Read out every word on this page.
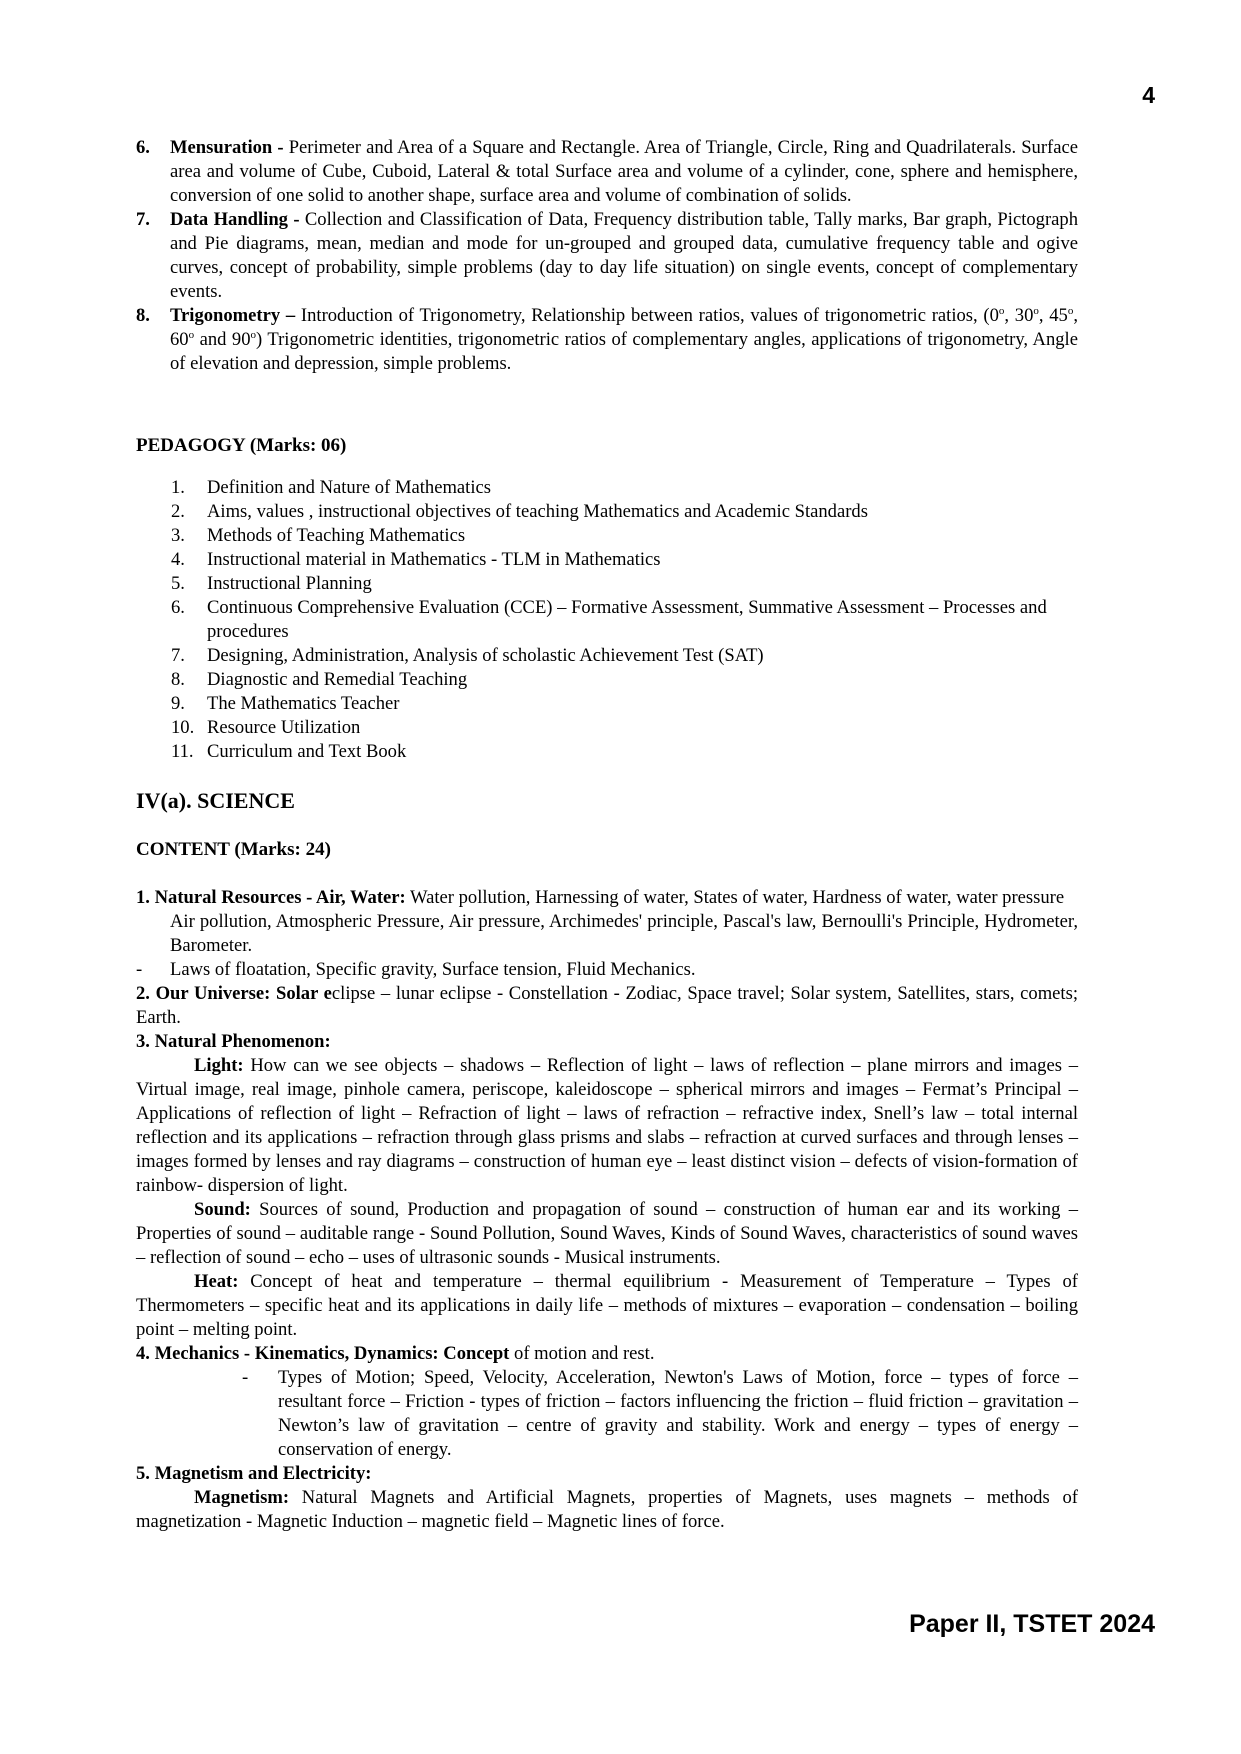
4
6.	Mensuration - Perimeter and Area of a Square and Rectangle. Area of Triangle, Circle, Ring and Quadrilaterals. Surface area and volume of Cube, Cuboid, Lateral & total Surface area and volume of a cylinder, cone, sphere and hemisphere, conversion of one solid to another shape, surface area and volume of combination of solids.

7.	Data Handling - Collection and Classification of Data, Frequency distribution table, Tally marks, Bar graph, Pictograph and Pie diagrams, mean, median and mode for un-grouped and grouped data, cumulative frequency table and ogive curves, concept of probability, simple problems (day to day life situation) on single events, concept of complementary events.

8.	Trigonometry – Introduction of Trigonometry, Relationship between ratios, values of trigonometric ratios, (0$^o$, 30$^o$, 45$^o$, 60$^o$ and 90$^o$) Trigonometric identities, trigonometric ratios of complementary angles, applications of trigonometry, Angle of elevation and depression, simple problems.

PEDAGOGY (Marks: 06)
1.	Definition and Nature of Mathematics
2.	Aims, values , instructional objectives of teaching Mathematics and Academic Standards
3.	Methods of Teaching Mathematics
4.	Instructional material in Mathematics - TLM in Mathematics
5.	Instructional Planning
6.	Continuous Comprehensive Evaluation (CCE) – Formative Assessment, Summative Assessment – Processes and procedures
7.	Designing, Administration, Analysis of scholastic Achievement Test (SAT)
8.	Diagnostic and Remedial Teaching
9.	The Mathematics Teacher
10. Resource Utilization
11. Curriculum and Text Book
IV(a). SCIENCE
CONTENT (Marks: 24)

1. Natural Resources - Air, Water: Water pollution, Harnessing of water, States of water, Hardness of water, water pressure

Air pollution, Atmospheric Pressure, Air pressure, Archimedes' principle, Pascal's law, Bernoulli's Principle, Hydrometer, Barometer.

-	Laws of floatation, Specific gravity, Surface tension, Fluid Mechanics.

2. Our Universe: Solar eclipse – lunar eclipse - Constellation - Zodiac, Space travel; Solar system, Satellites, stars, comets; Earth.

3. Natural Phenomenon:

Light: How can we see objects – shadows – Reflection of light – laws of reflection – plane mirrors and images – Virtual image, real image, pinhole camera, periscope, kaleidoscope – spherical mirrors and images – Fermat’s Principal – Applications of reflection of light – Refraction of light – laws of refraction – refractive index, Snell’s law – total internal reflection and its applications – refraction through glass prisms and slabs – refraction at curved surfaces and through lenses – images formed by lenses and ray diagrams – construction of human eye – least distinct vision – defects of vision-formation of rainbow- dispersion of light.

Sound: Sources of sound, Production and propagation of sound – construction of human ear and its working – Properties of sound – auditable range - Sound Pollution, Sound Waves, Kinds of Sound Waves, characteristics of sound waves – reflection of sound – echo – uses of ultrasonic sounds - Musical instruments.

Heat: Concept of heat and temperature – thermal equilibrium - Measurement of Temperature – Types of Thermometers – specific heat and its applications in daily life – methods of mixtures – evaporation – condensation – boiling point – melting point.

4. Mechanics - Kinematics, Dynamics: Concept of motion and rest.

-	Types of Motion; Speed, Velocity, Acceleration, Newton's Laws of Motion, force – types of force – resultant force – Friction - types of friction – factors influencing the friction – fluid friction – gravitation – Newton’s law of gravitation – centre of gravity and stability. Work and energy – types of energy – conservation of energy.

5. Magnetism and Electricity:

Magnetism: Natural Magnets and Artificial Magnets, properties of Magnets, uses magnets – methods of magnetization - Magnetic Induction – magnetic field – Magnetic lines of force.

Paper II, TSTET 2024
